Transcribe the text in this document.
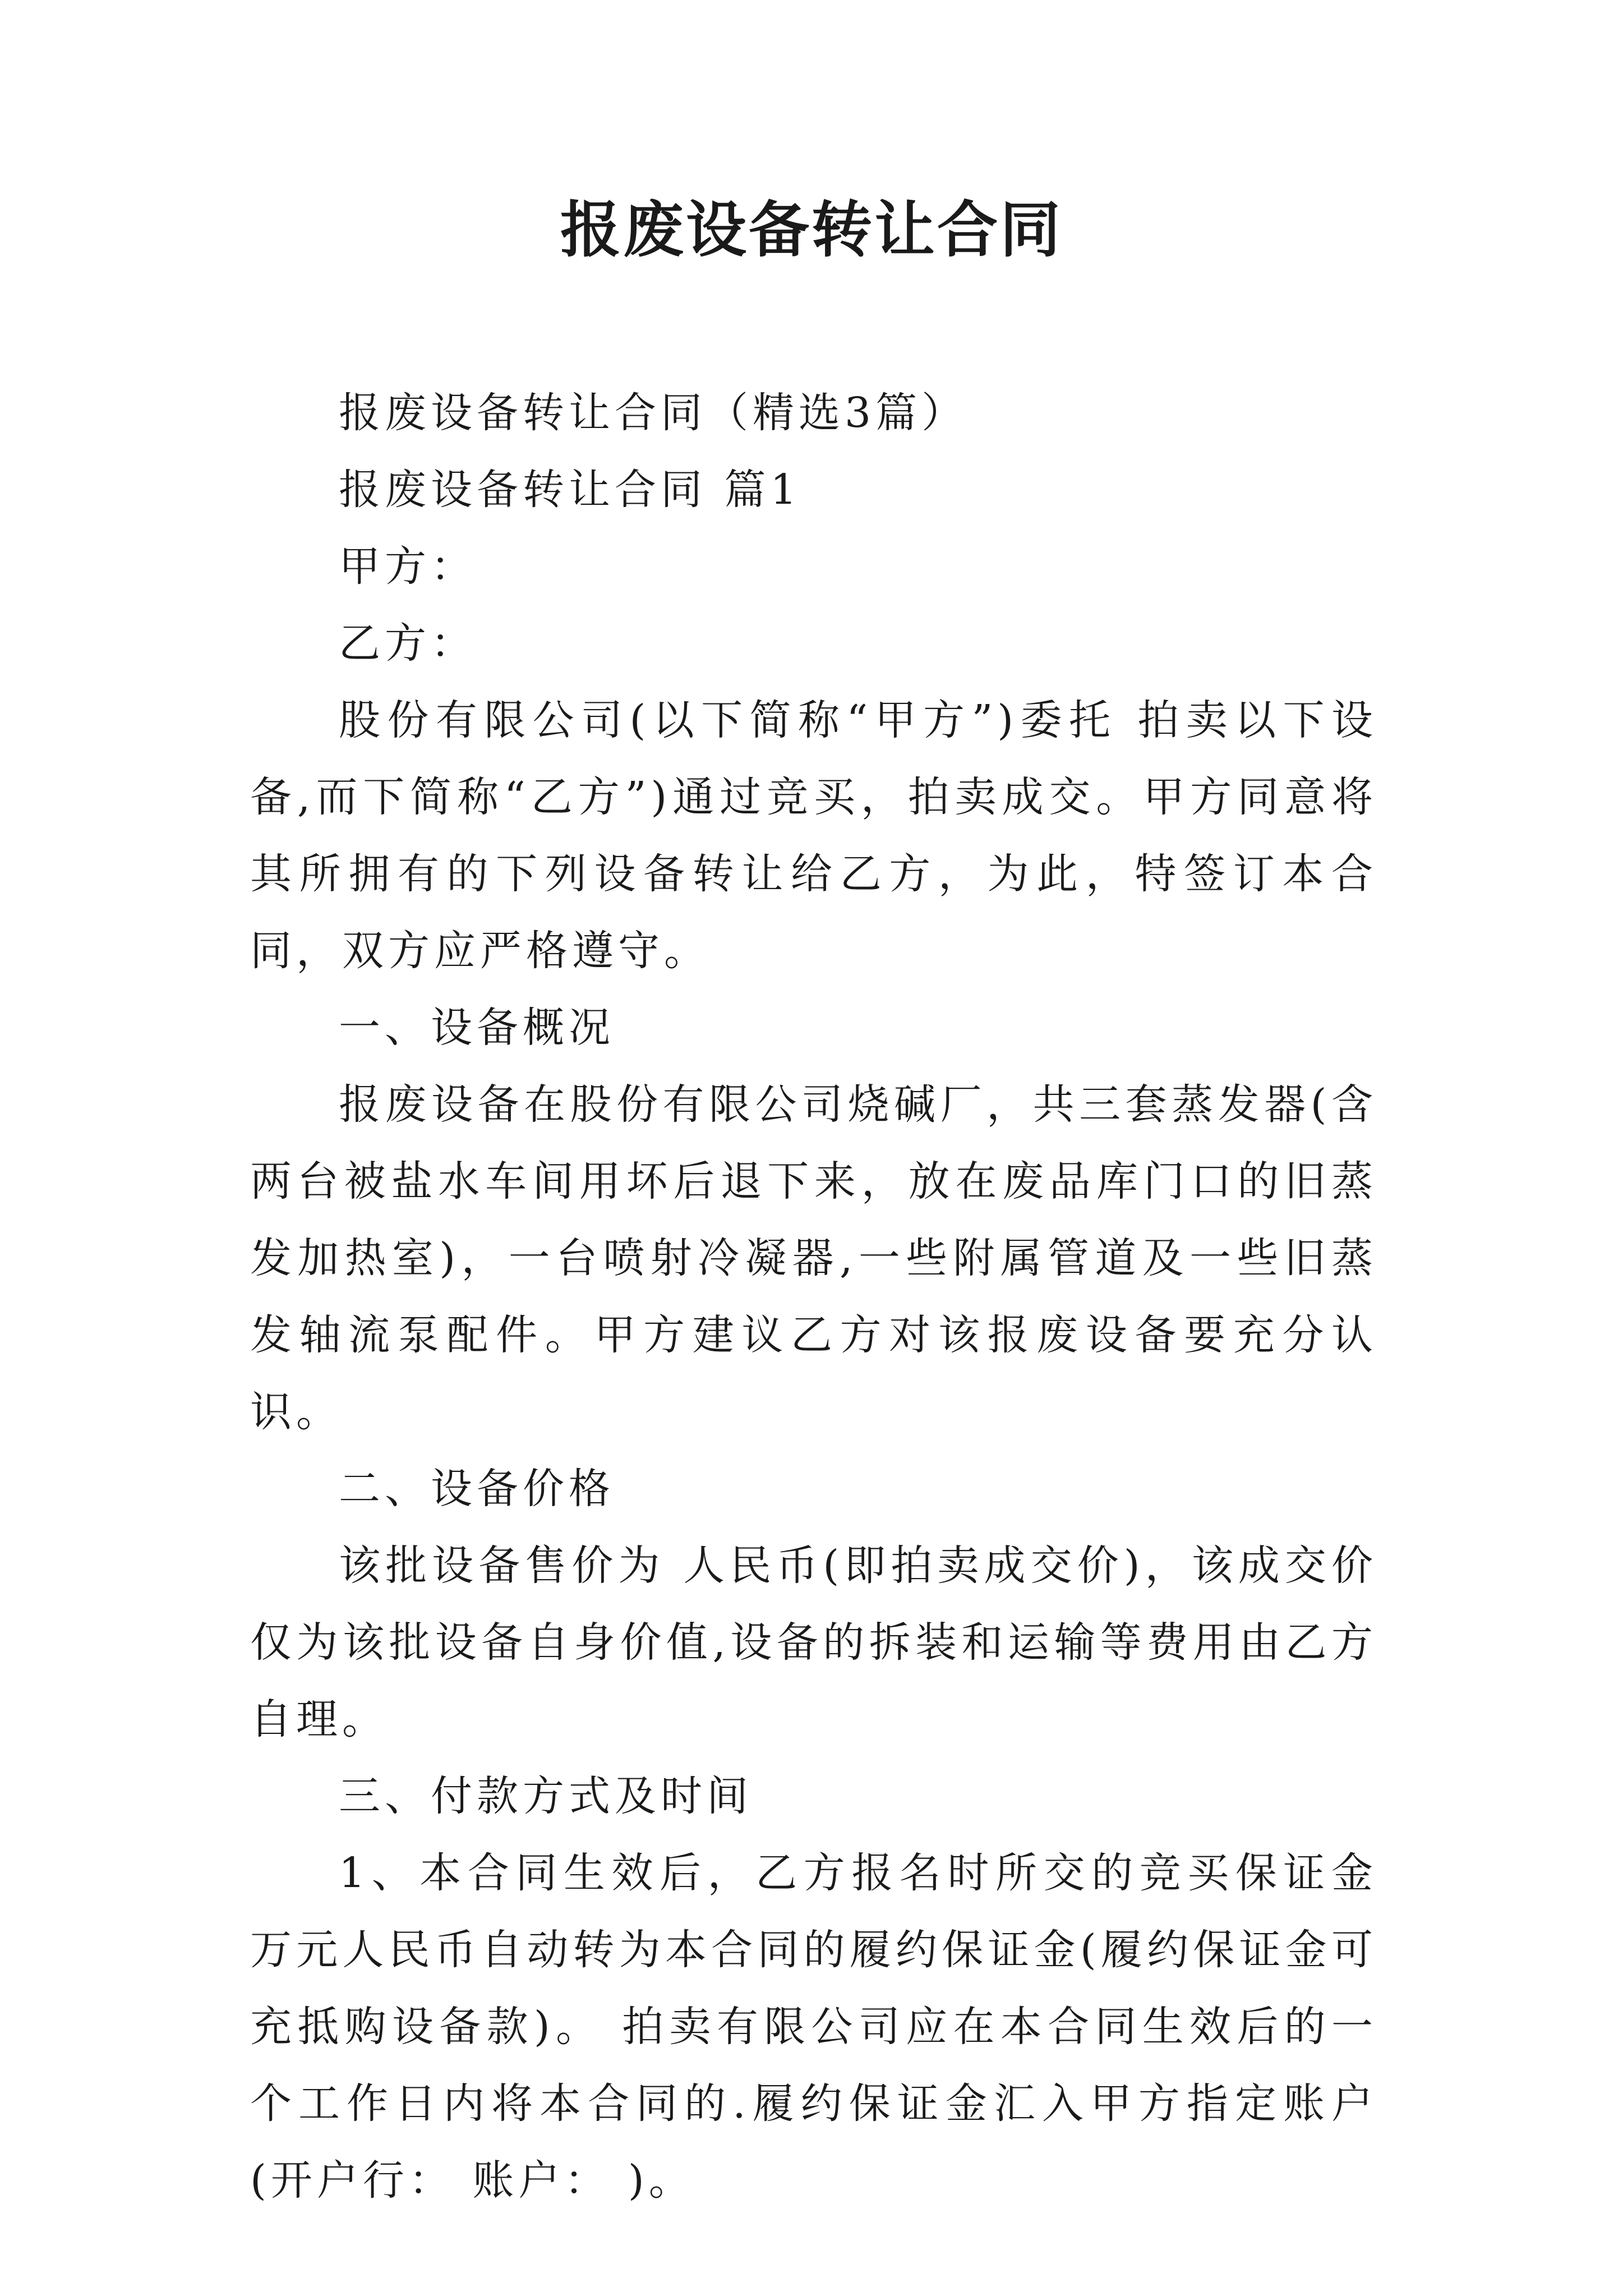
报废设备转让合同

报废设备转让合同（精选3篇）

报废设备转让合同 篇1

甲方：

乙方：

股份有限公司(以下简称“甲方”)委托 拍卖以下设备,而下简称“乙方”)通过竞买，拍卖成交。甲方同意将其所拥有的下列设备转让给乙方，为此，特签订本合同，双方应严格遵守。

一、设备概况

报废设备在股份有限公司烧碱厂，共三套蒸发器(含两台被盐水车间用坏后退下来，放在废品库门口的旧蒸发加热室)，一台喷射冷凝器,一些附属管道及一些旧蒸发轴流泵配件。甲方建议乙方对该报废设备要充分认识。

二、设备价格

该批设备售价为 人民币(即拍卖成交价)，该成交价仅为该批设备自身价值,设备的拆装和运输等费用由乙方自理。

三、付款方式及时间

1、本合同生效后，乙方报名时所交的竞买保证金万元人民币自动转为本合同的履约保证金(履约保证金可充抵购设备款)。 拍卖有限公司应在本合同生效后的一个工作日内将本合同的.履约保证金汇入甲方指定账户(开户行： 账户： )。
